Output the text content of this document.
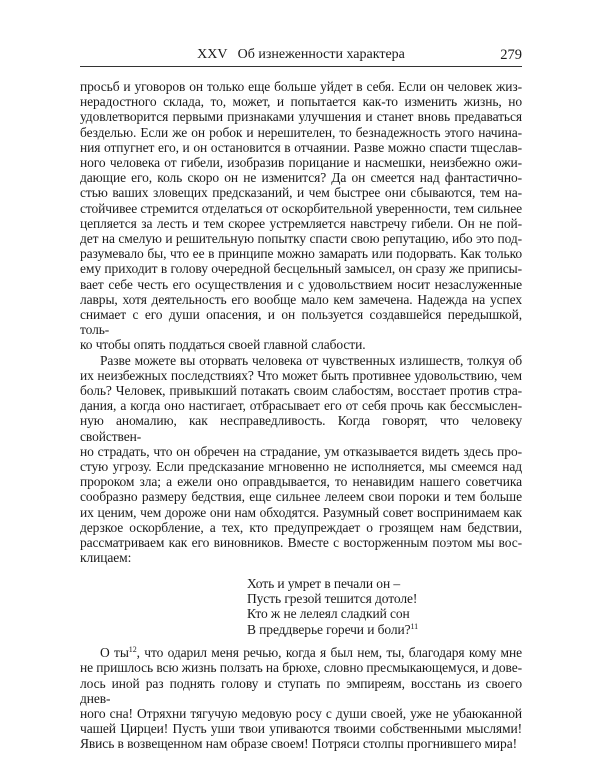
XXV   Об изнеженности характера	279
просьб и уговоров он только еще больше уйдет в себя. Если он человек жиз-
нерадостного склада, то, может, и попытается как-то изменить жизнь, но
удовлетворится первыми признаками улучшения и станет вновь предаваться
безделью. Если же он робок и нерешителен, то безнадежность этого начина-
ния отпугнет его, и он остановится в отчаянии. Разве можно спасти тщеслав-
ного человека от гибели, изобразив порицание и насмешки, неизбежно ожи-
дающие его, коль скоро он не изменится? Да он смеется над фантастично-
стью ваших зловещих предсказаний, и чем быстрее они сбываются, тем на-
стойчивее стремится отделаться от оскорбительной уверенности, тем сильнее
цепляется за лесть и тем скорее устремляется навстречу гибели. Он не пой-
дет на смелую и решительную попытку спасти свою репутацию, ибо это под-
разумевало бы, что ее в принципе можно замарать или подорвать. Как только
ему приходит в голову очередной бесцельный замысел, он сразу же приписы-
вает себе честь его осуществления и с удовольствием носит незаслуженные
лавры, хотя деятельность его вообще мало кем замечена. Надежда на успех
снимает с его души опасения, и он пользуется создавшейся передышкой, толь-
ко чтобы опять поддаться своей главной слабости.
Разве можете вы оторвать человека от чувственных излишеств, толкуя об
их неизбежных последствиях? Что может быть противнее удовольствию, чем
боль? Человек, привыкший потакать своим слабостям, восстает против стра-
дания, а когда оно настигает, отбрасывает его от себя прочь как бессмыслен-
ную аномалию, как несправедливость. Когда говорят, что человеку свойствен-
но страдать, что он обречен на страдание, ум отказывается видеть здесь про-
стую угрозу. Если предсказание мгновенно не исполняется, мы смеемся над
пророком зла; а ежели оно оправдывается, то ненавидим нашего советчика
сообразно размеру бедствия, еще сильнее лелеем свои пороки и тем больше
их ценим, чем дороже они нам обходятся. Разумный совет воспринимаем как
дерзкое оскорбление, а тех, кто предупреждает о грозящем нам бедствии,
рассматриваем как его виновников. Вместе с восторженным поэтом мы вос-
клицаем:
Хоть и умрет в печали он –
Пусть грезой тешится дотоле!
Кто ж не лелеял сладкий сон
В преддверье горечи и боли?$^{11}$
О $ты^{12}$, что одарил меня речью, когда я был нем, ты, благодаря кому мне
не пришлось всю жизнь ползать на брюхе, словно пресмыкающемуся, и дове-
лось иной раз поднять голову и ступать по эмпиреям, восстань из своего днев-
ного сна! Отряхни тягучую медовую росу с души своей, уже не убаюканной
чашей Цирцеи! Пусть уши твои упиваются твоими собственными мыслями!
Явись в возвещенном нам образе своем! Потряси столпы прогнившего мира!
